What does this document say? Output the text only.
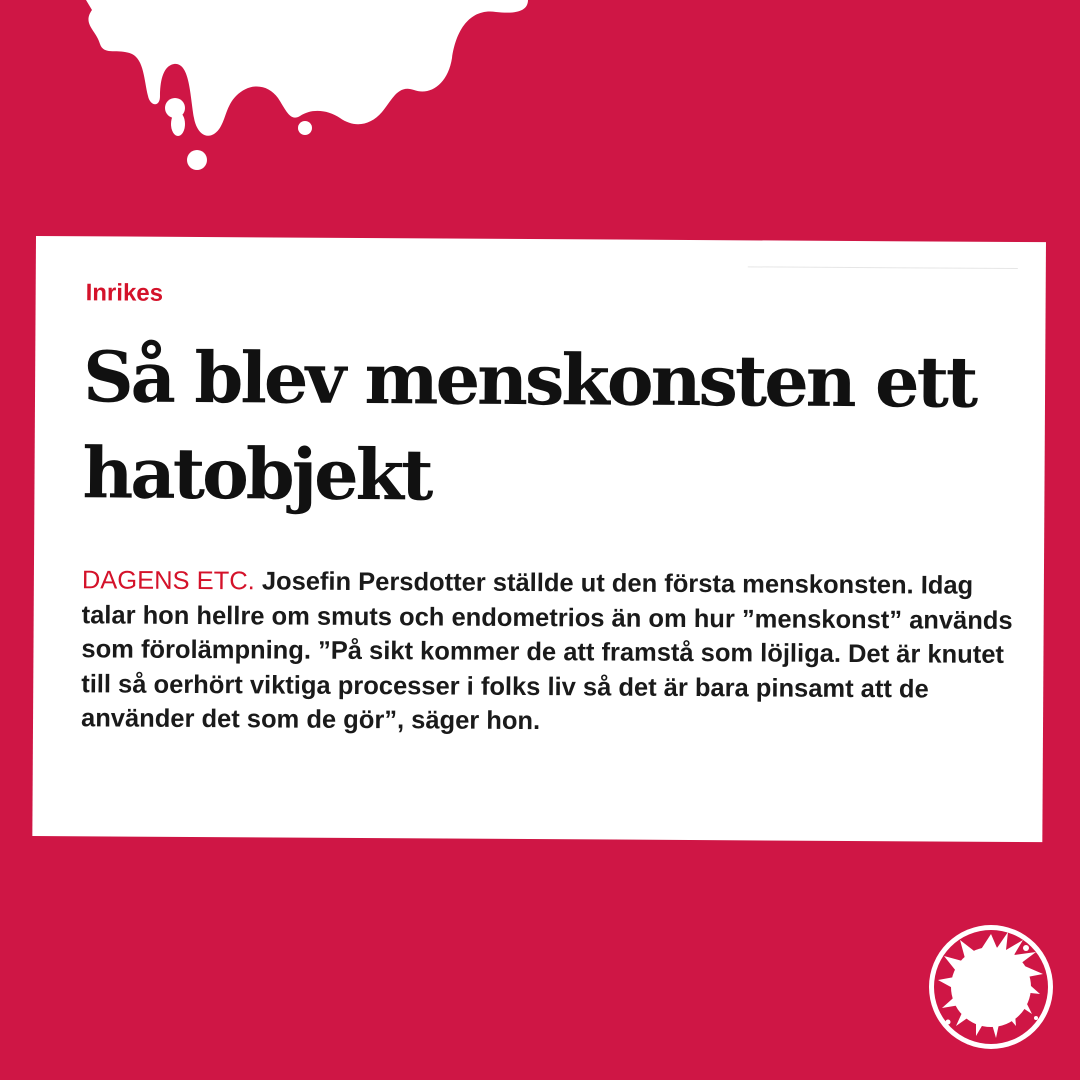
Inrikes
Så blev menskonsten ett hatobjekt

DAGENS ETC. Josefin Persdotter ställde ut den första menskonsten. Idag talar hon hellre om smuts och endometrios än om hur ”menskonst” används som förolämpning. ”På sikt kommer de att framstå som löjliga. Det är knutet till så oerhört viktiga processer i folks liv så det är bara pinsamt att de använder det som de gör”, säger hon.
